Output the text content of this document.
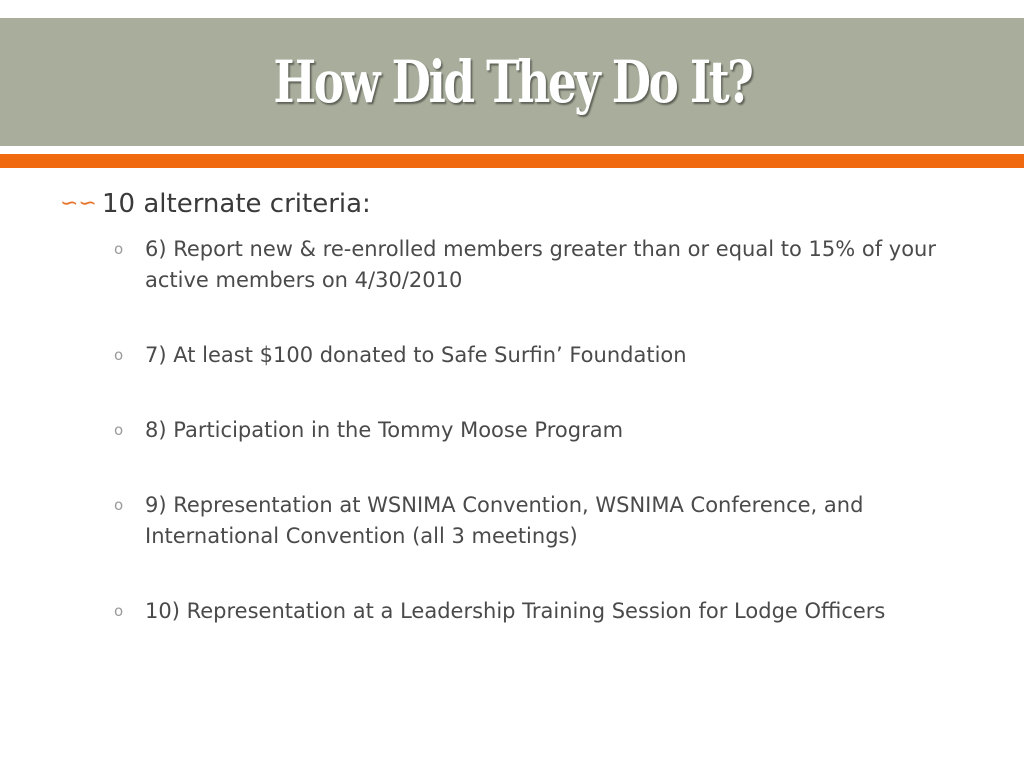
How Did They Do It?
∽∽ 10 alternate criteria:
o	6) Report new & re-enrolled members greater than or equal to 15% of your active members on 4/30/2010
o	7) At least $100 donated to Safe Surfin’ Foundation
o	8) Participation in the Tommy Moose Program
o	9) Representation at WSNIMA Convention, WSNIMA Conference, and International Convention (all 3 meetings)
o	10) Representation at a Leadership Training Session for Lodge Officers
